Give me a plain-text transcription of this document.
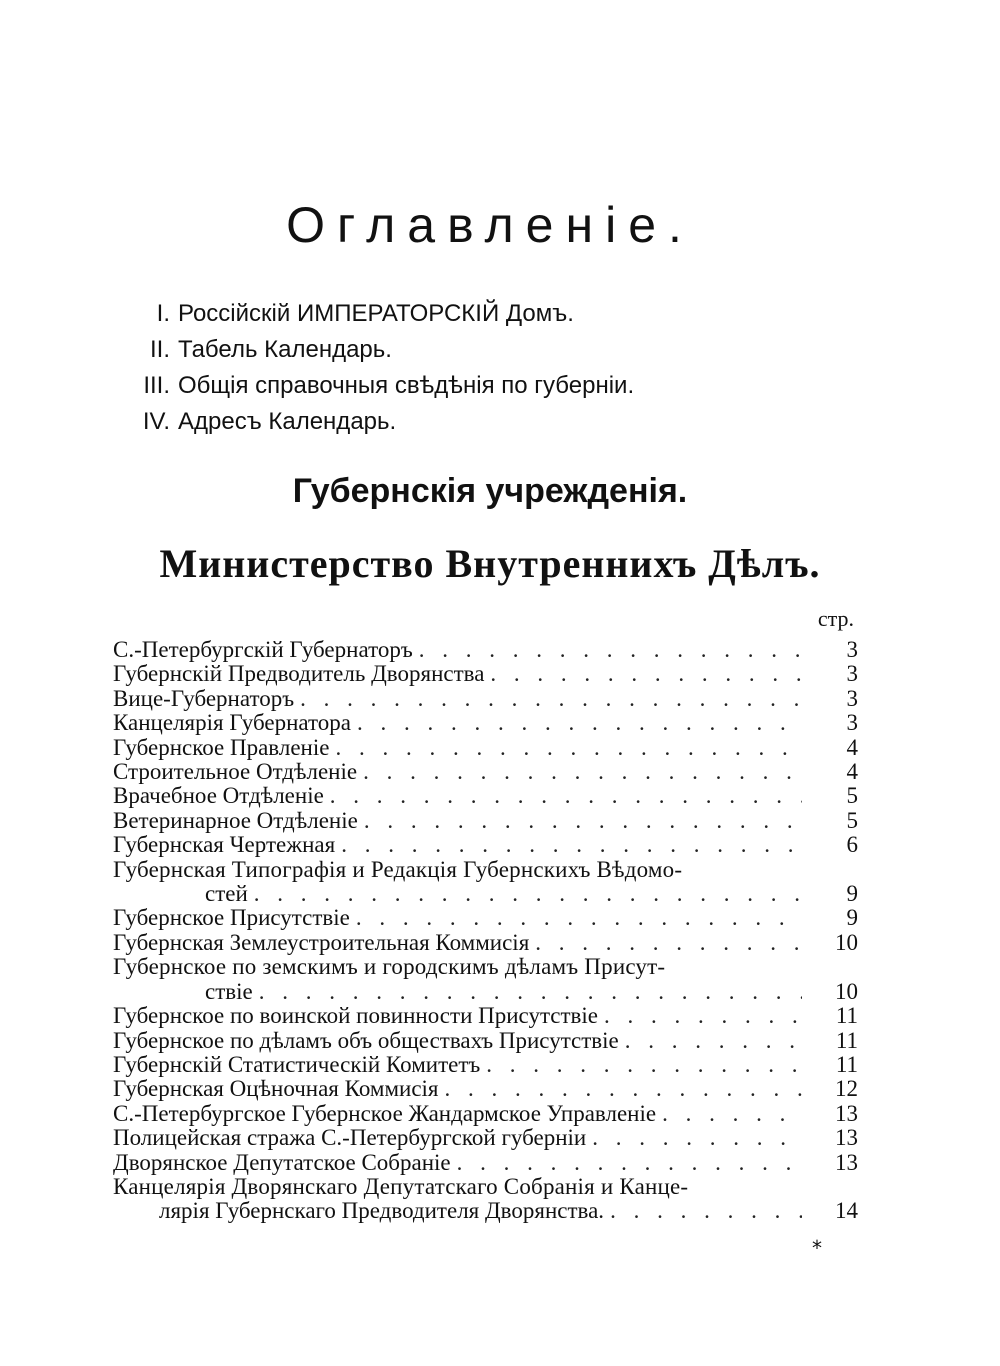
Оглавленіе.
I. Россійскій ИМПЕРАТОРСКІЙ Домъ.
II. Табель Календарь.
III. Общія справочныя свѣдѣнія по губерніи.
IV. Адресъ Календарь.
Губернскія учрежденія.
Министерство Внутреннихъ Дѣлъ.
стр.
С.-Петербургскій Губернаторъ . . .	3
Губернскій Предводитель Дворянства . . .	3
Вице-Губернаторъ . . .	3
Канцелярія Губернатора . . .	3
Губернское Правленіе . . .	4
Строительное Отдѣленіе . . .	4
Врачебное Отдѣленіе . . .	5
Ветеринарное Отдѣленіе . . .	5
Губернская Чертежная . . .	6
Губернская Типографія и Редакція Губернскихъ Вѣдомо-
стей . . .	9
Губернское Присутствіе . . .	9
Губернская Землеустроительная Коммисія . . .	10
Губернское по земскимъ и городскимъ дѣламъ Присут-
ствіе . . .	10
Губернское по воинской повинности Присутствіе . . .	11
Губернское по дѣламъ объ обществахъ Присутствіе . . .	11
Губернскій Статистическій Комитетъ . . .	11
Губернская Оцѣночная Коммисія . . .	12
С.-Петербургское Губернское Жандармское Управленіе . . .	13
Полицейская стража С.-Петербургской губерніи . . .	13
Дворянское Депутатское Собраніе . . .	13
Канцелярія Дворянскаго Депутатскаго Собранія и Канце-
лярія Губернскаго Предводителя Дворянства. . . .	14
*
